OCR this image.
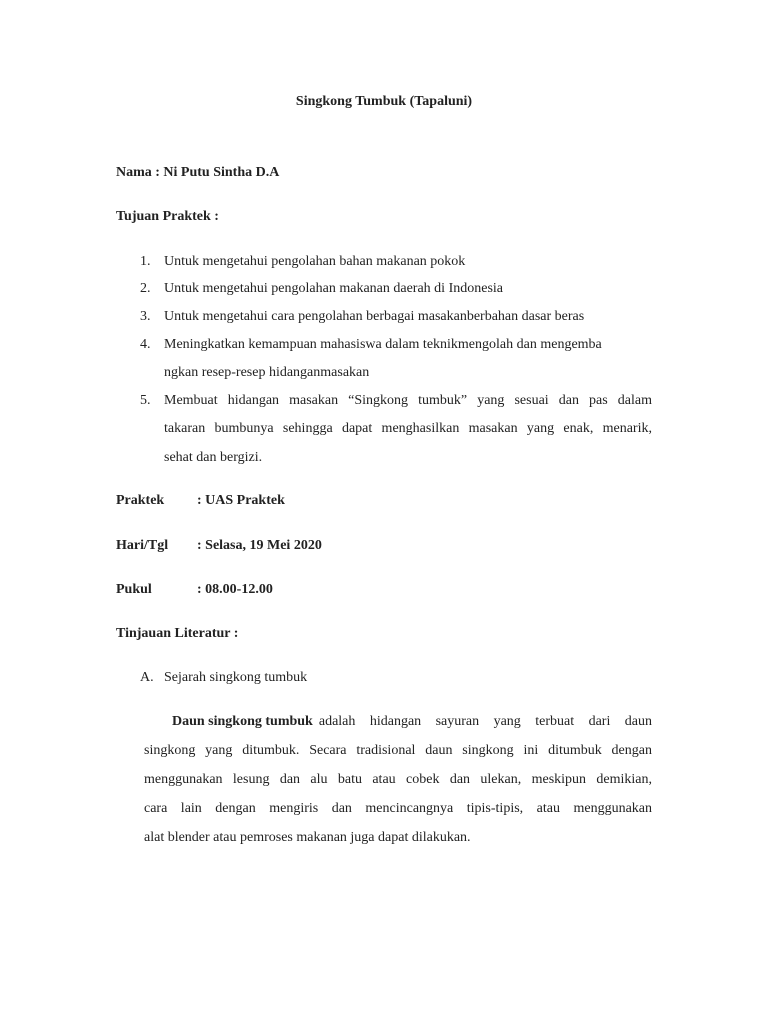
Singkong Tumbuk (Tapaluni)
Nama : Ni Putu Sintha D.A
Tujuan Praktek :
1. Untuk mengetahui pengolahan bahan makanan pokok
2. Untuk mengetahui pengolahan makanan daerah di Indonesia
3. Untuk mengetahui cara pengolahan berbagai masakanberbahan dasar beras
4. Meningkatkan kemampuan mahasiswa dalam teknikmengolah dan mengemba
ngkan resep-resep hidanganmasakan
5. Membuat hidangan masakan “Singkong tumbuk” yang sesuai dan pas dalam
takaran bumbunya sehingga dapat menghasilkan masakan yang enak, menarik,
sehat dan bergizi.
Praktek : UAS Praktek
Hari/Tgl : Selasa, 19 Mei 2020
Pukul	: 08.00-12.00
Tinjauan Literatur :
A. Sejarah singkong tumbuk
Daun singkong tumbuk adalah hidangan sayuran yang terbuat dari daun
singkong yang ditumbuk. Secara tradisional daun singkong ini ditumbuk dengan
menggunakan lesung dan alu batu atau cobek dan ulekan, meskipun demikian,
cara lain dengan mengiris dan mencincangnya tipis-tipis, atau menggunakan
alat blender atau pemroses makanan juga dapat dilakukan.
